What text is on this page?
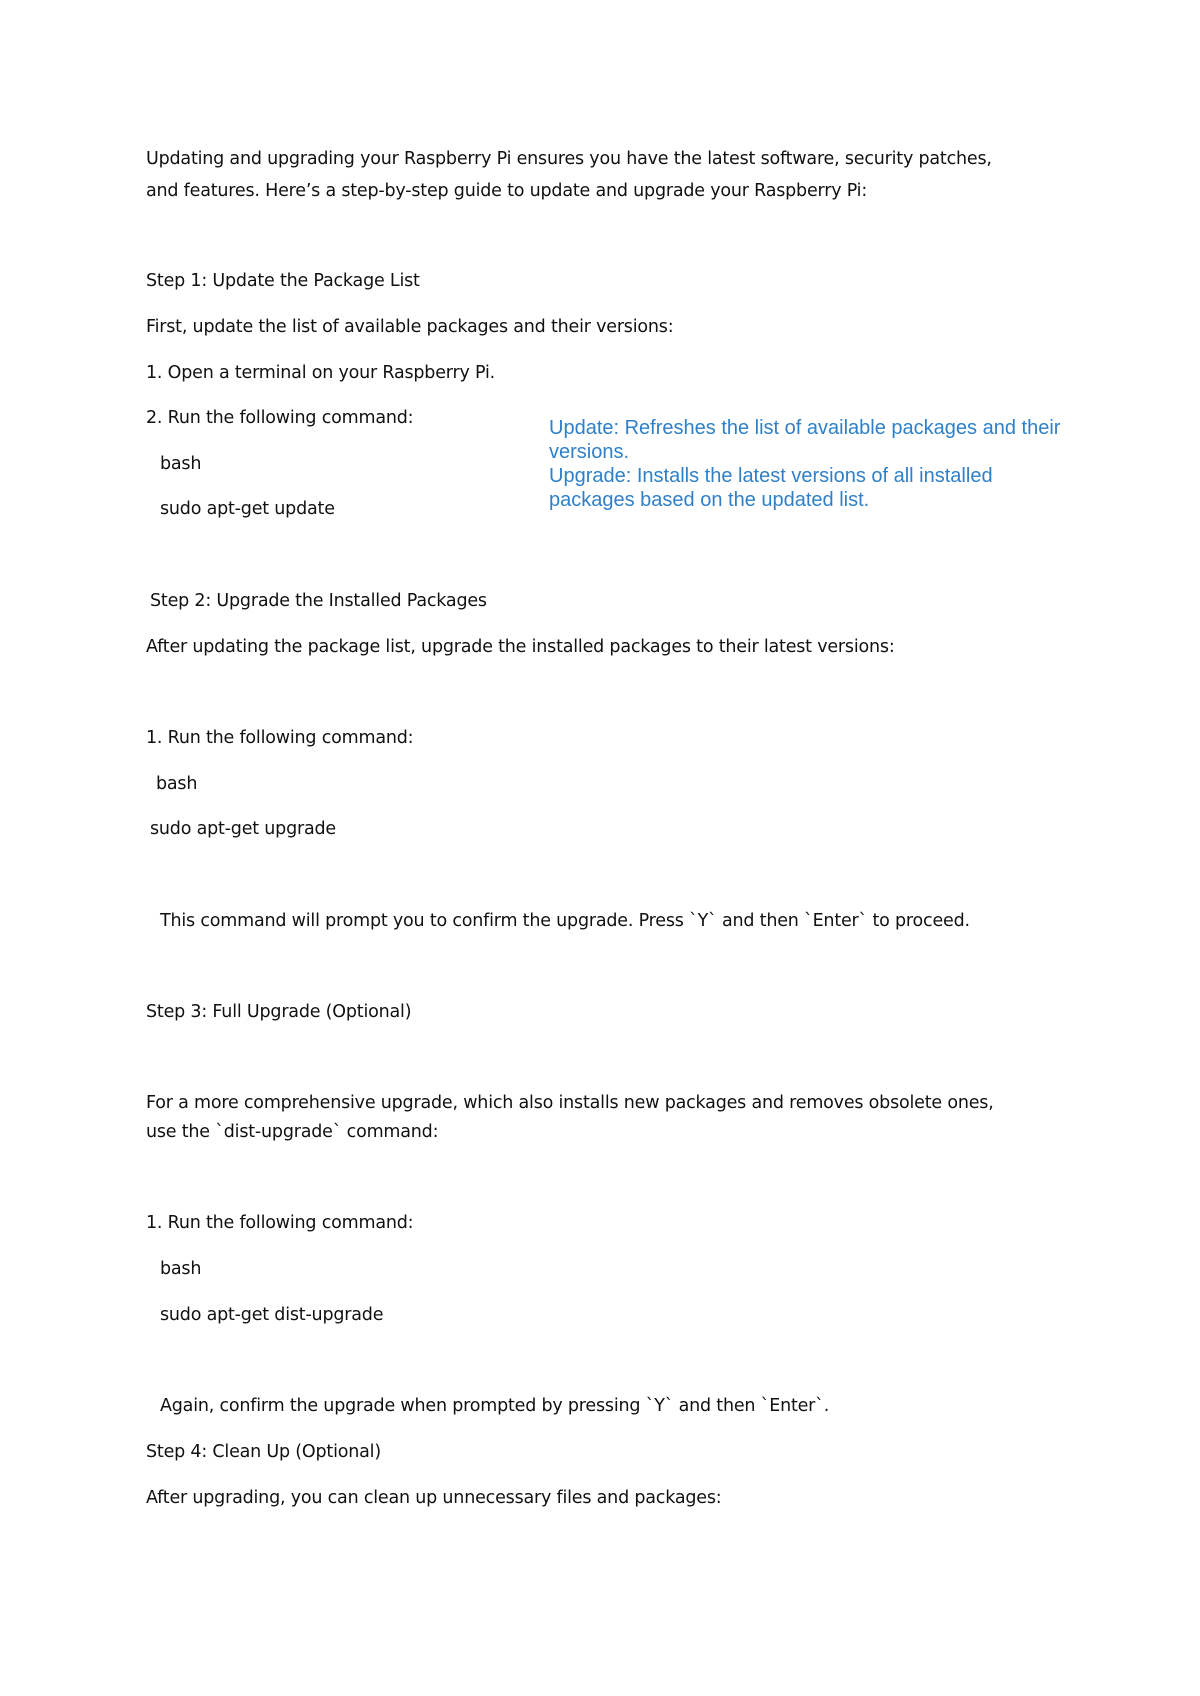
Updating and upgrading your Raspberry Pi ensures you have the latest software, security patches,
and features. Here’s a step-by-step guide to update and upgrade your Raspberry Pi:
Step 1: Update the Package List
First, update the list of available packages and their versions:
1. Open a terminal on your Raspberry Pi.
2. Run the following command:
bash
sudo apt-get update
Update: Refreshes the list of available packages and their
versions.
Upgrade: Installs the latest versions of all installed
packages based on the updated list.
Step 2: Upgrade the Installed Packages
After updating the package list, upgrade the installed packages to their latest versions:
1. Run the following command:
bash
sudo apt-get upgrade
This command will prompt you to confirm the upgrade. Press `Y` and then `Enter` to proceed.
Step 3: Full Upgrade (Optional)
For a more comprehensive upgrade, which also installs new packages and removes obsolete ones,
use the `dist-upgrade` command:
1. Run the following command:
bash
sudo apt-get dist-upgrade
Again, confirm the upgrade when prompted by pressing `Y` and then `Enter`.
Step 4: Clean Up (Optional)
After upgrading, you can clean up unnecessary files and packages:
